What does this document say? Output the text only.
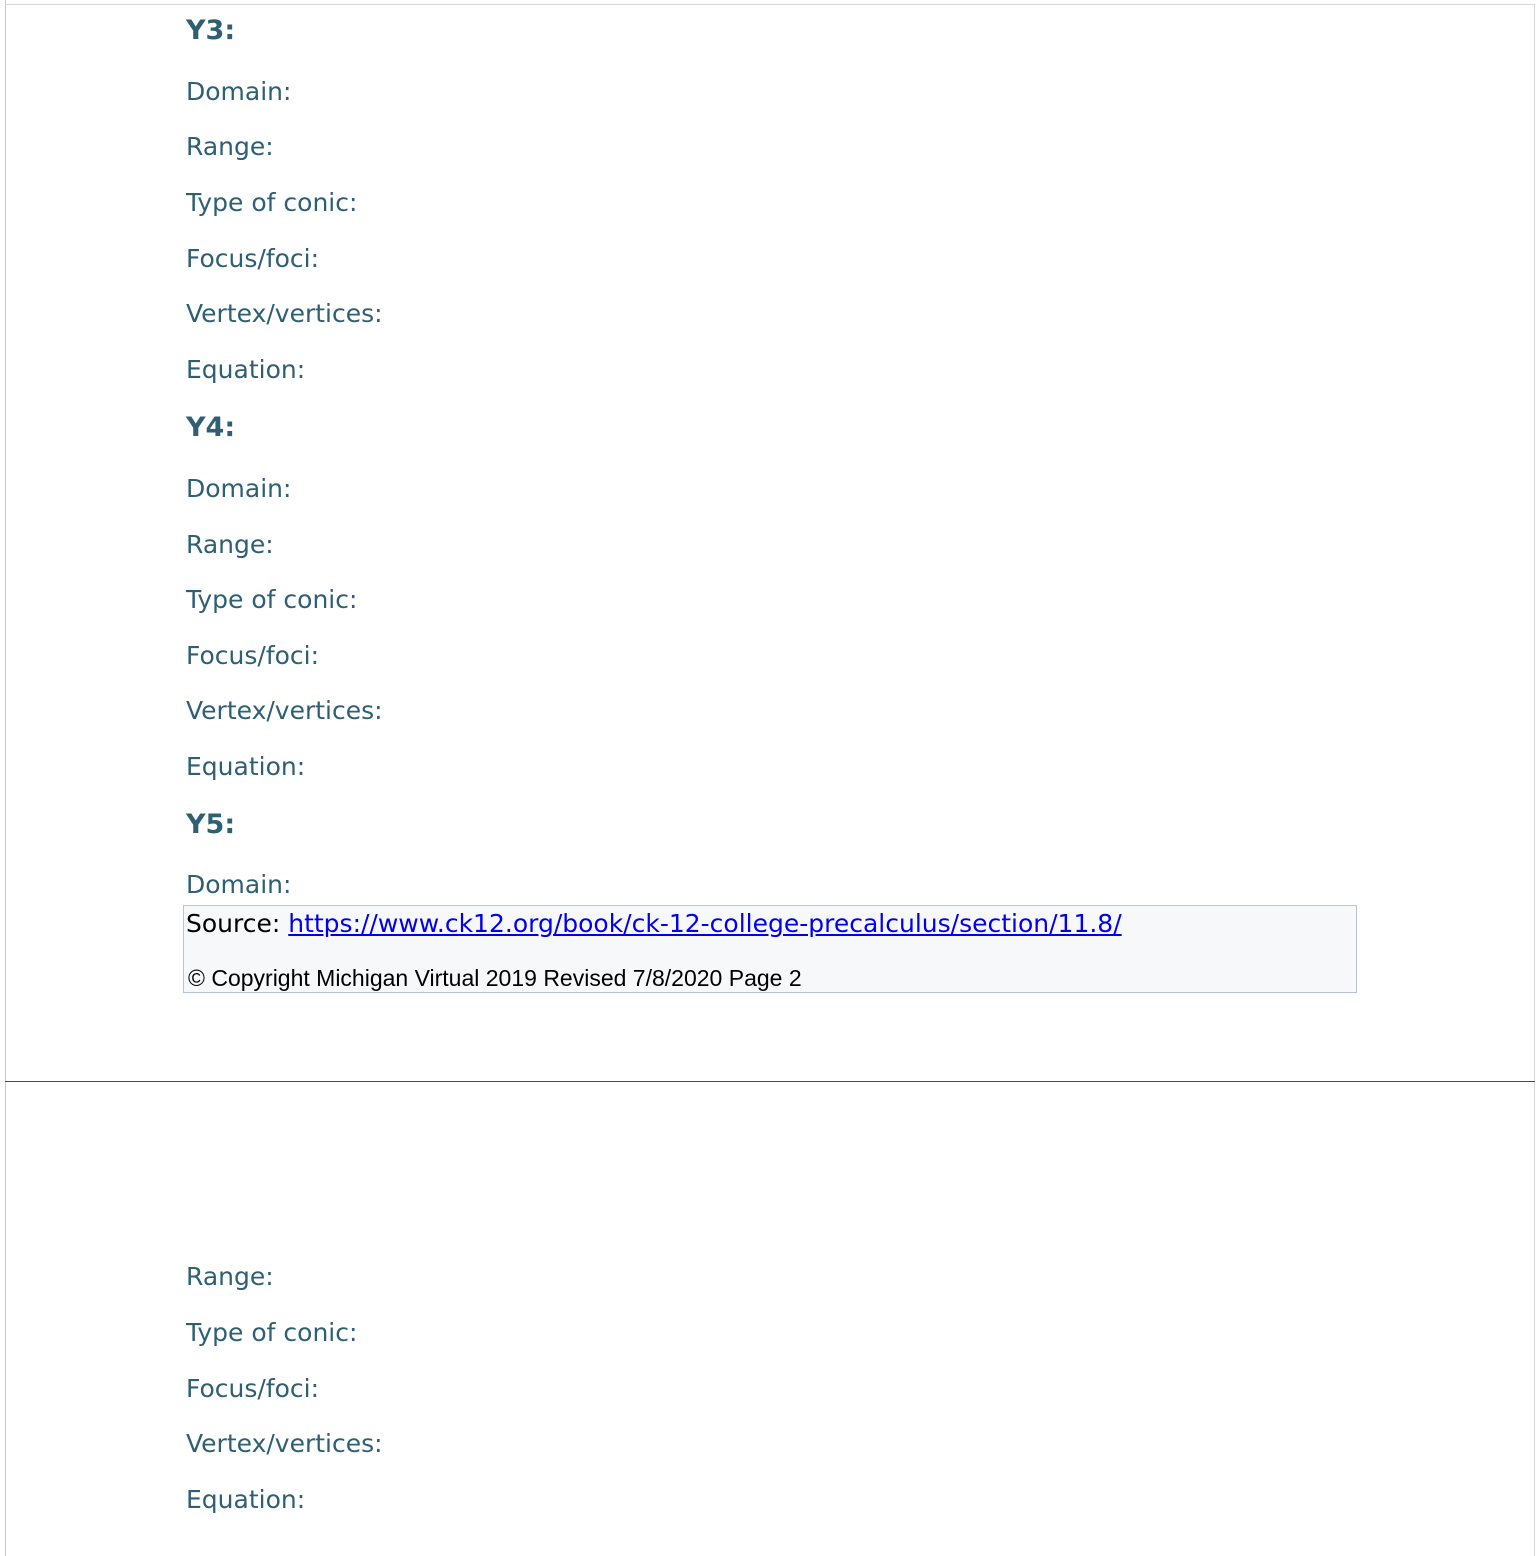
Y3:
Domain:
Range:
Type of conic:
Focus/foci:
Vertex/vertices:
Equation:
Y4:
Domain:
Range:
Type of conic:
Focus/foci:
Vertex/vertices:
Equation:
Y5:
Domain:
Source: https://www.ck12.org/book/ck-12-college-precalculus/section/11.8/
© Copyright Michigan Virtual 2019 Revised 7/8/2020 Page 2
Range:
Type of conic:
Focus/foci:
Vertex/vertices:
Equation:
